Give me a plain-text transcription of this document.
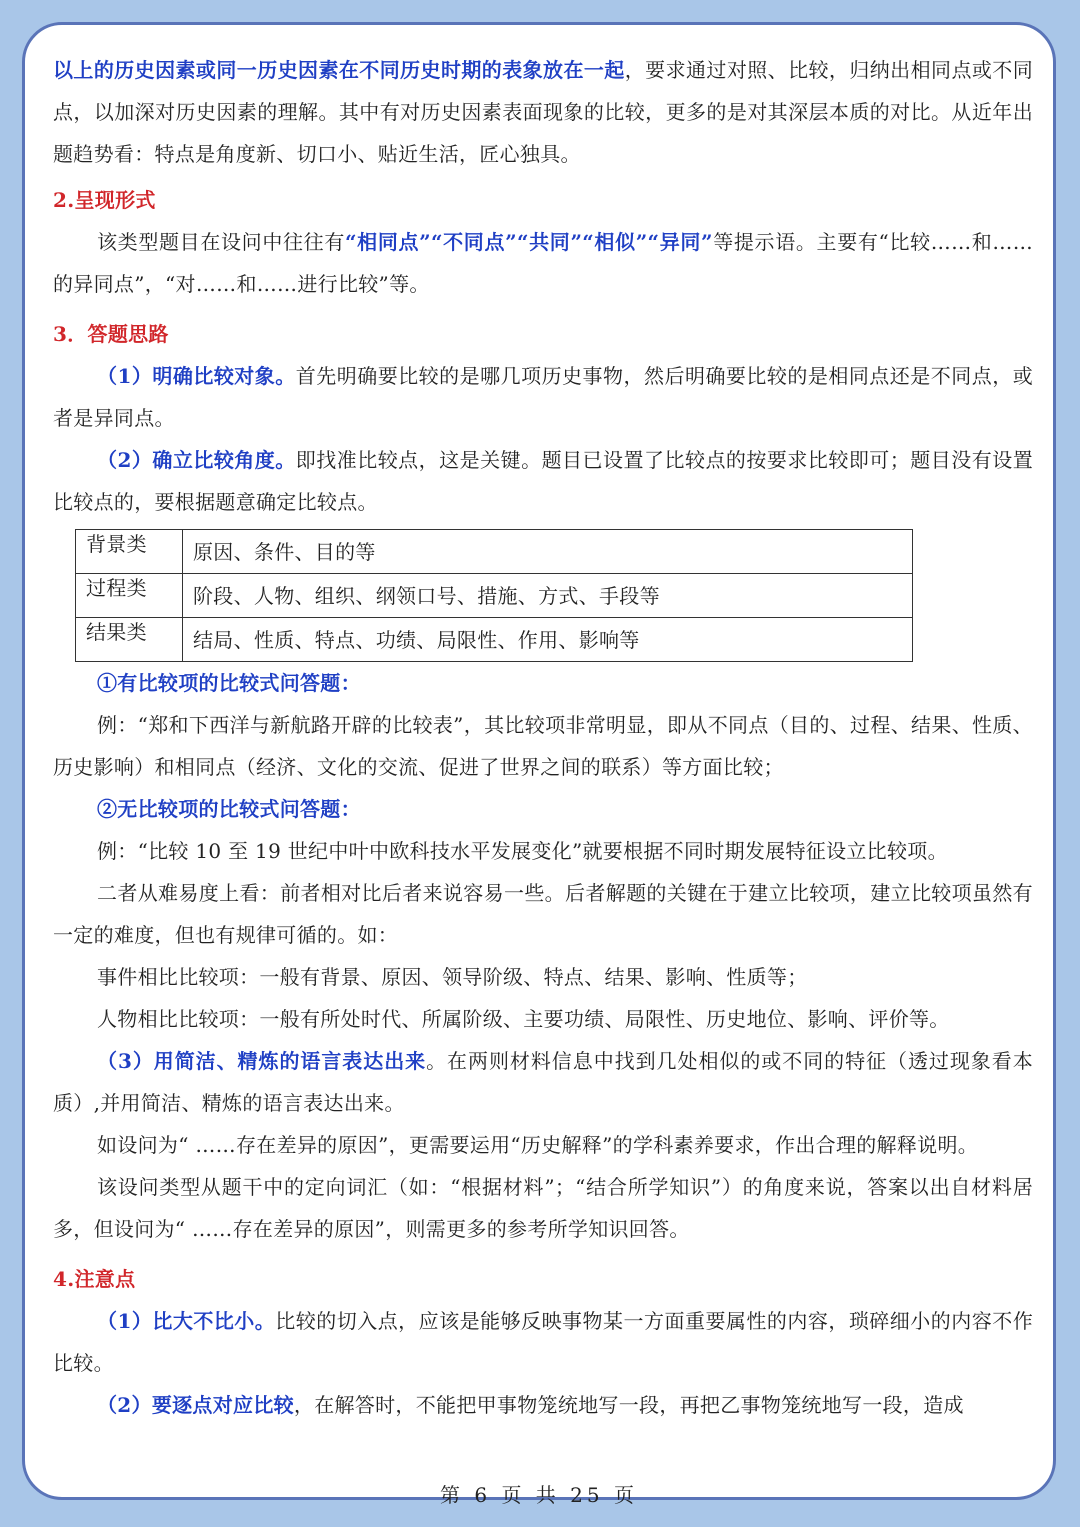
以上的历史因素或同一历史因素在不同历史时期的表象放在一起，要求通过对照、比较，归纳出相同点或不同点，以加深对历史因素的理解。其中有对历史因素表面现象的比较，更多的是对其深层本质的对比。从近年出题趋势看：特点是角度新、切口小、贴近生活，匠心独具。

2.呈现形式

该类型题目在设问中往往有“相同点”“不同点”“共同”“相似”“异同”等提示语。主要有“比较……和……的异同点”，“对……和……进行比较”等。

3．答题思路

（1）明确比较对象。首先明确要比较的是哪几项历史事物，然后明确要比较的是相同点还是不同点，或者是异同点。

（2）确立比较角度。即找准比较点，这是关键。题目已设置了比较点的按要求比较即可；题目没有设置比较点的，要根据题意确定比较点。

背景类	原因、条件、目的等
过程类	阶段、人物、组织、纲领口号、措施、方式、手段等
结果类	结局、性质、特点、功绩、局限性、作用、影响等

①有比较项的比较式问答题：

例：“郑和下西洋与新航路开辟的比较表”，其比较项非常明显，即从不同点（目的、过程、结果、性质、历史影响）和相同点（经济、文化的交流、促进了世界之间的联系）等方面比较；

②无比较项的比较式问答题：

例：“比较 10 至 19 世纪中叶中欧科技水平发展变化”就要根据不同时期发展特征设立比较项。

二者从难易度上看：前者相对比后者来说容易一些。后者解题的关键在于建立比较项，建立比较项虽然有一定的难度，但也有规律可循的。如：

事件相比比较项：一般有背景、原因、领导阶级、特点、结果、影响、性质等；

人物相比比较项：一般有所处时代、所属阶级、主要功绩、局限性、历史地位、影响、评价等。

（3）用简洁、精炼的语言表达出来。在两则材料信息中找到几处相似的或不同的特征（透过现象看本质）,并用简洁、精炼的语言表达出来。

如设问为“ ……存在差异的原因”，更需要运用“历史解释”的学科素养要求，作出合理的解释说明。

该设问类型从题干中的定向词汇（如：“根据材料”；“结合所学知识”）的角度来说，答案以出自材料居多，但设问为“ ……存在差异的原因”，则需更多的参考所学知识回答。

4.注意点

（1）比大不比小。比较的切入点，应该是能够反映事物某一方面重要属性的内容，琐碎细小的内容不作比较。

（2）要逐点对应比较，在解答时，不能把甲事物笼统地写一段，再把乙事物笼统地写一段，造成

第 6 页 共 25 页
